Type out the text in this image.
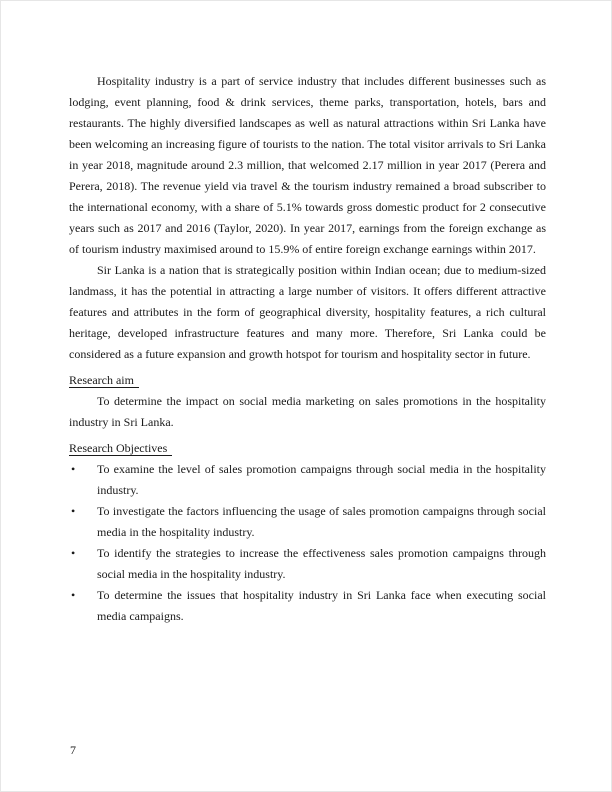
Hospitality industry is a part of service industry that includes different businesses such as lodging, event planning, food & drink services, theme parks, transportation, hotels, bars and restaurants. The highly diversified landscapes as well as natural attractions within Sri Lanka have been welcoming an increasing figure of tourists to the nation. The total visitor arrivals to Sri Lanka in year 2018, magnitude around 2.3 million, that welcomed 2.17 million in year 2017 (Perera and Perera, 2018). The revenue yield via travel & the tourism industry remained a broad subscriber to the international economy, with a share of 5.1% towards gross domestic product for 2 consecutive years such as 2017 and 2016 (Taylor, 2020). In year 2017, earnings from the foreign exchange as of tourism industry maximised around to 15.9% of entire foreign exchange earnings within 2017.

Sir Lanka is a nation that is strategically position within Indian ocean; due to medium-sized landmass, it has the potential in attracting a large number of visitors. It offers different attractive features and attributes in the form of geographical diversity, hospitality features, a rich cultural heritage, developed infrastructure features and many more. Therefore, Sri Lanka could be considered as a future expansion and growth hotspot for tourism and hospitality sector in future.

Research aim

To determine the impact on social media marketing on sales promotions in the hospitality industry in Sri Lanka.

Research Objectives
• To examine the level of sales promotion campaigns through social media in the hospitality industry.
• To investigate the factors influencing the usage of sales promotion campaigns through social media in the hospitality industry.
• To identify the strategies to increase the effectiveness sales promotion campaigns through social media in the hospitality industry.
• To determine the issues that hospitality industry in Sri Lanka face when executing social media campaigns.
7
